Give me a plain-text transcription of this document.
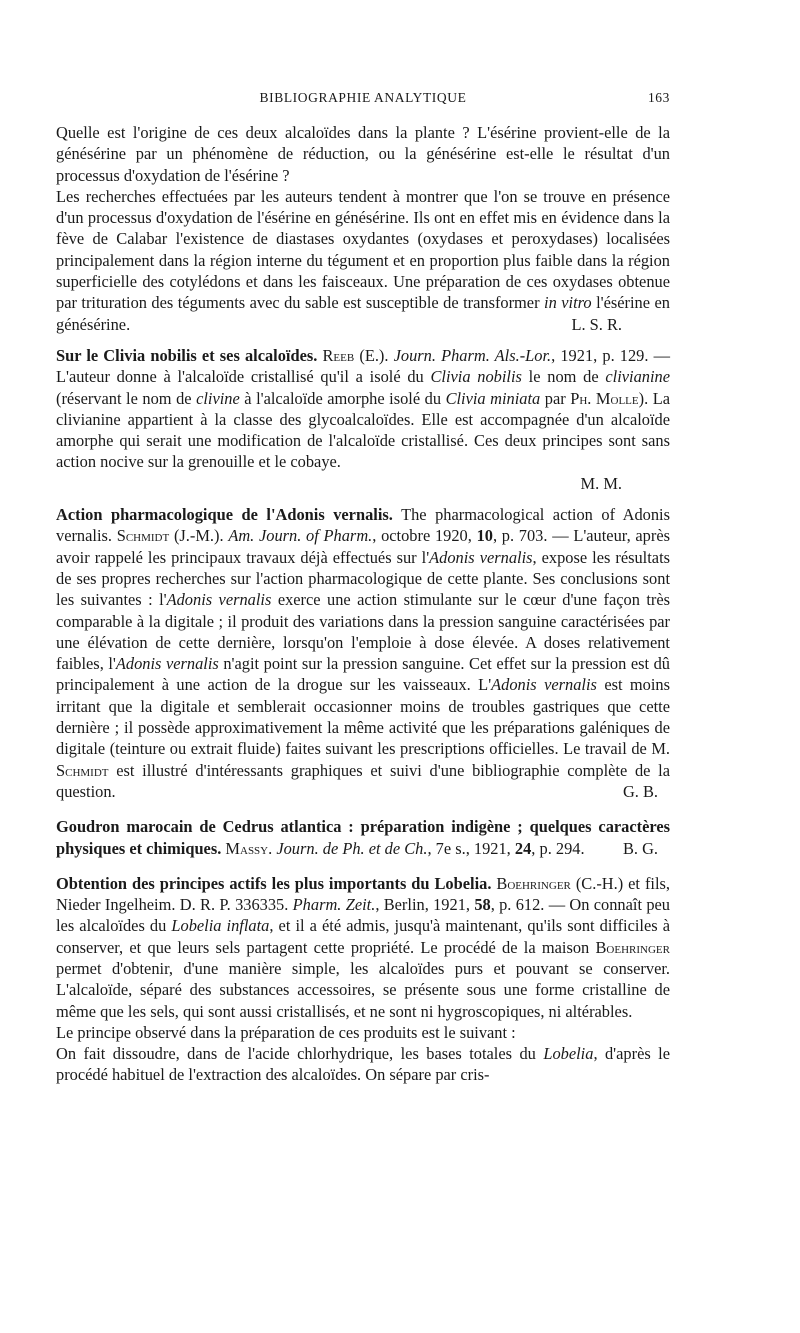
BIBLIOGRAPHIE ANALYTIQUE	163

Quelle est l'origine de ces deux alcaloïdes dans la plante ? L'ésérine provient-elle de la génésérine par un phénomène de réduction, ou la génésérine est-elle le résultat d'un processus d'oxydation de l'ésérine ?

Les recherches effectuées par les auteurs tendent à montrer que l'on se trouve en présence d'un processus d'oxydation de l'ésérine en génésérine. Ils ont en effet mis en évidence dans la fève de Calabar l'existence de diastases oxydantes (oxydases et peroxydases) localisées principalement dans la région interne du tégument et en proportion plus faible dans la région superficielle des cotylédons et dans les faisceaux. Une préparation de ces oxydases obtenue par trituration des téguments avec du sable est susceptible de transformer in vitro l'ésérine en génésérine.	L. S. R.

Sur le Clivia nobilis et ses alcaloïdes. Reeb (E.). Journ. Pharm. Als.-Lor., 1921, p. 129. — L'auteur donne à l'alcaloïde cristallisé qu'il a isolé du Clivia nobilis le nom de clivianine (réservant le nom de clivine à l'alcaloïde amorphe isolé du Clivia miniata par Ph. Molle). La clivianine appartient à la classe des glycoalcaloïdes. Elle est accompagnée d'un alcaloïde amorphe qui serait une modification de l'alcaloïde cristallisé. Ces deux principes sont sans action nocive sur la grenouille et le cobaye.

M. M.

Action pharmacologique de l'Adonis vernalis. The pharmacological action of Adonis vernalis. Schmidt (J.-M.). Am. Journ. of Pharm., octobre 1920, 10, p. 703. — L'auteur, après avoir rappelé les principaux travaux déjà effectués sur l'Adonis vernalis, expose les résultats de ses propres recherches sur l'action pharmacologique de cette plante. Ses conclusions sont les suivantes : l'Adonis vernalis exerce une action stimulante sur le cœur d'une façon très comparable à la digitale ; il produit des variations dans la pression sanguine caractérisées par une élévation de cette dernière, lorsqu'on l'emploie à dose élevée. A doses relativement faibles, l'Adonis vernalis n'agit point sur la pression sanguine. Cet effet sur la pression est dû principalement à une action de la drogue sur les vaisseaux. L'Adonis vernalis est moins irritant que la digitale et semblerait occasionner moins de troubles gastriques que cette dernière ; il possède approximativement la même activité que les préparations galéniques de digitale (teinture ou extrait fluide) faites suivant les prescriptions officielles. Le travail de M. Schmidt est illustré d'intéressants graphiques et suivi d'une bibliographie complète de la question.	G. B.

Goudron marocain de Cedrus atlantica : préparation indigène ; quelques caractères physiques et chimiques. Massy. Journ. de Ph. et de Ch., 7e s., 1921, 24, p. 294. B. G.

Obtention des principes actifs les plus importants du Lobelia. Boehringer (C.-H.) et fils, Nieder Ingelheim. D. R. P. 336335. Pharm. Zeit., Berlin, 1921, 58, p. 612. — On connaît peu les alcaloïdes du Lobelia inflata, et il a été admis, jusqu'à maintenant, qu'ils sont difficiles à conserver, et que leurs sels partagent cette propriété. Le procédé de la maison Boehringer permet d'obtenir, d'une manière simple, les alcaloïdes purs et pouvant se conserver. L'alcaloïde, séparé des substances accessoires, se présente sous une forme cristalline de même que les sels, qui sont aussi cristallisés, et ne sont ni hygroscopiques, ni altérables.

Le principe observé dans la préparation de ces produits est le suivant :

On fait dissoudre, dans de l'acide chlorhydrique, les bases totales du Lobelia, d'après le procédé habituel de l'extraction des alcaloïdes. On sépare par cris-
